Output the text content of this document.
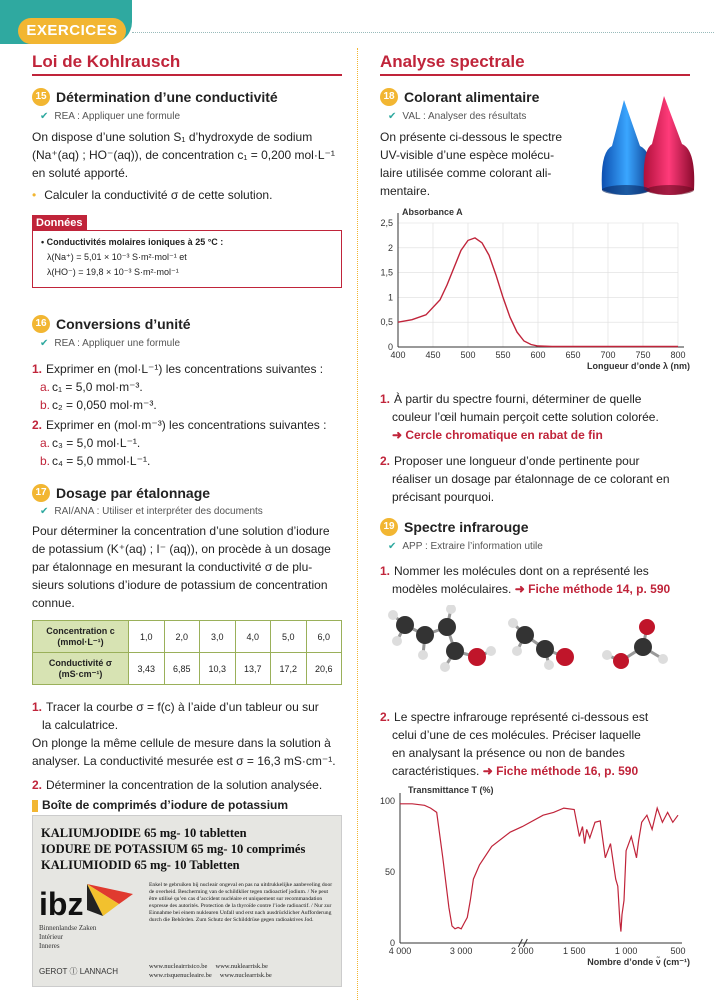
EXERCICES
Loi de Kohlrausch
15 Détermination d’une conductivité
✔ REA : Appliquer une formule
On dispose d’une solution S₁ d’hydroxyde de sodium
(Na⁺(aq) ; HO⁻(aq)), de concentration c₁ = 0,200 mol·L⁻¹
en soluté apporté.
• Calculer la conductivité σ de cette solution.
Données
• Conductivités molaires ioniques à 25 °C :
λ(Na⁺) = 5,01 × 10⁻³ S·m²·mol⁻¹ et
λ(HO⁻) = 19,8 × 10⁻³ S·m²·mol⁻¹
16 Conversions d’unité
✔ REA : Appliquer une formule
1. Exprimer en (mol·L⁻¹) les concentrations suivantes :
a. c₁ = 5,0 mol·m⁻³.
b. c₂ = 0,050 mol·m⁻³.
2. Exprimer en (mol·m⁻³) les concentrations suivantes :
a. c₃ = 5,0 mol·L⁻¹.
b. c₄ = 5,0 mmol·L⁻¹.
17 Dosage par étalonnage
✔ RAI/ANA : Utiliser et interpréter des documents
Pour déterminer la concentration d’une solution d’iodure
de potassium (K⁺(aq) ; I⁻ (aq)), on procède à un dosage
par étalonnage en mesurant la conductivité σ de plu-
sieurs solutions d’iodure de potassium de concentration
connue.
Concentration c (mmol·L⁻¹)	1,0	2,0	3,0	4,0	5,0	6,0
Conductivité σ (mS·cm⁻¹)	3,43	6,85	10,3	13,7	17,2	20,6
1. Tracer la courbe σ = f(c) à l’aide d’un tableur ou sur
la calculatrice.
On plonge la même cellule de mesure dans la solution à
analyser. La conductivité mesurée est σ = 16,3 mS·cm⁻¹.
2. Déterminer la concentration de la solution analysée.
Boîte de comprimés d’iodure de potassium
KALIUMJODIDE 65 mg- 10 tabletten
IODURE DE POTASSIUM 65 mg- 10 comprimés
KALIUMIODID 65 mg- 10 Tabletten
ibz
Binnenlandse Zaken
Intérieur
Inneres
GEROT ⓛ LANNACH
Enkel te gebruiken bij nucleair ongeval en pas na uitdrukkelijke aanbeveling door de overheid. Bescherming van de schildklier tegen radioactief jodium. / Ne peut être utilisé qu’en cas d’accident nucléaire et uniquement sur recommandation expresse des autorités. Protection de la thyroïde contre l’iode radioactif. / Nur zur Einnahme bei einem nuklearen Unfall und erst nach ausdrücklicher Aufforderung durch die Behörden. Zum Schutz der Schilddrüse gegen radioaktives Jod.
www.nucleairrisico.be     www.nuklearrisk.be
www.risquenucleaire.be     www.nuclearrisk.be
Analyse spectrale
18 Colorant alimentaire
✔ VAL : Analyser des résultats
On présente ci-dessous le spectre
UV-visible d’une espèce molécu-
laire utilisée comme colorant ali-
mentaire.
400 450 500 550 600 650 700 750 800
0
0,5
1
1,5
2
2,5
Absorbance A
Longueur d’onde λ (nm)
1. À partir du spectre fourni, déterminer de quelle
couleur l’œil humain perçoit cette solution colorée.
➜ Cercle chromatique en rabat de fin
2. Proposer une longueur d’onde pertinente pour
réaliser un dosage par étalonnage de ce colorant en
précisant pourquoi.
19 Spectre infrarouge
✔ APP : Extraire l’information utile
1. Nommer les molécules dont on a représenté les
modèles moléculaires. ➜ Fiche méthode 14, p. 590
2. Le spectre infrarouge représenté ci-dessous est
celui d’une de ces molécules. Préciser laquelle
en analysant la présence ou non de bandes
caractéristiques. ➜ Fiche méthode 16, p. 590
4 000	3 000	2 000	1 500	1 000	500
0
50
100
Transmittance T (%)
Nombre d’onde ν̃ (cm⁻¹)
